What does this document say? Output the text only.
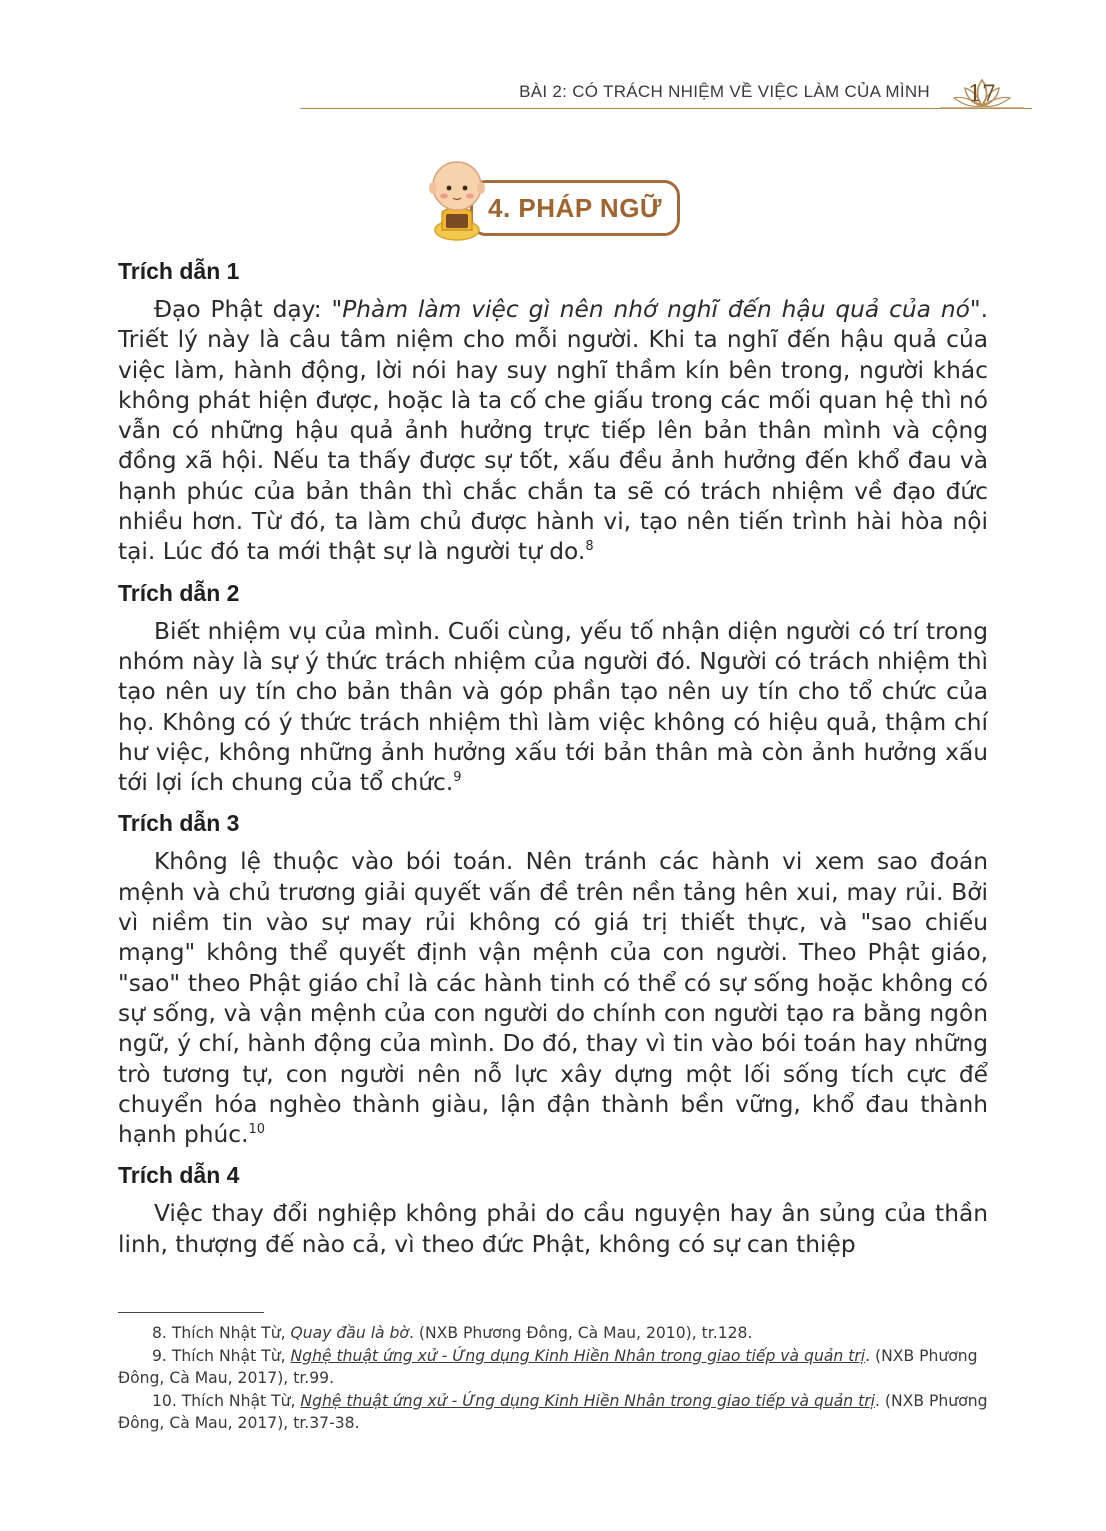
BÀI 2: CÓ TRÁCH NHIỆM VỀ VIỆC LÀM CỦA MÌNH 17
4. PHÁP NGỮ

Trích dẫn 1

Đạo Phật dạy: "Phàm làm việc gì nên nhớ nghĩ đến hậu quả của nó". Triết lý này là câu tâm niệm cho mỗi người. Khi ta nghĩ đến hậu quả của việc làm, hành động, lời nói hay suy nghĩ thầm kín bên trong, người khác không phát hiện được, hoặc là ta cố che giấu trong các mối quan hệ thì nó vẫn có những hậu quả ảnh hưởng trực tiếp lên bản thân mình và cộng đồng xã hội. Nếu ta thấy được sự tốt, xấu đều ảnh hưởng đến khổ đau và hạnh phúc của bản thân thì chắc chắn ta sẽ có trách nhiệm về đạo đức nhiều hơn. Từ đó, ta làm chủ được hành vi, tạo nên tiến trình hài hòa nội tại. Lúc đó ta mới thật sự là người tự do.$^8$

Trích dẫn 2

Biết nhiệm vụ của mình. Cuối cùng, yếu tố nhận diện người có trí trong nhóm này là sự ý thức trách nhiệm của người đó. Người có trách nhiệm thì tạo nên uy tín cho bản thân và góp phần tạo nên uy tín cho tổ chức của họ. Không có ý thức trách nhiệm thì làm việc không có hiệu quả, thậm chí hư việc, không những ảnh hưởng xấu tới bản thân mà còn ảnh hưởng xấu tới lợi ích chung của tổ chức.$^9$

Trích dẫn 3

Không lệ thuộc vào bói toán. Nên tránh các hành vi xem sao đoán mệnh và chủ trương giải quyết vấn đề trên nền tảng hên xui, may rủi. Bởi vì niềm tin vào sự may rủi không có giá trị thiết thực, và "sao chiếu mạng" không thể quyết định vận mệnh của con người. Theo Phật giáo, "sao" theo Phật giáo chỉ là các hành tinh có thể có sự sống hoặc không có sự sống, và vận mệnh của con người do chính con người tạo ra bằng ngôn ngữ, ý chí, hành động của mình. Do đó, thay vì tin vào bói toán hay những trò tương tự, con người nên nỗ lực xây dựng một lối sống tích cực để chuyển hóa nghèo thành giàu, lận đận thành bền vững, khổ đau thành hạnh phúc.$^{10}$

Trích dẫn 4

Việc thay đổi nghiệp không phải do cầu nguyện hay ân sủng của thần linh, thượng đế nào cả, vì theo đức Phật, không có sự can thiệp

8. Thích Nhật Từ, Quay đầu là bờ. (NXB Phương Đông, Cà Mau, 2010), tr.128.

9. Thích Nhật Từ, Nghệ thuật ứng xử - Ứng dụng Kinh Hiền Nhân trong giao tiếp và quản trị. (NXB Phương Đông, Cà Mau, 2017), tr.99.

10. Thích Nhật Từ, Nghệ thuật ứng xử - Ứng dụng Kinh Hiền Nhân trong giao tiếp và quản trị. (NXB Phương Đông, Cà Mau, 2017), tr.37-38.
